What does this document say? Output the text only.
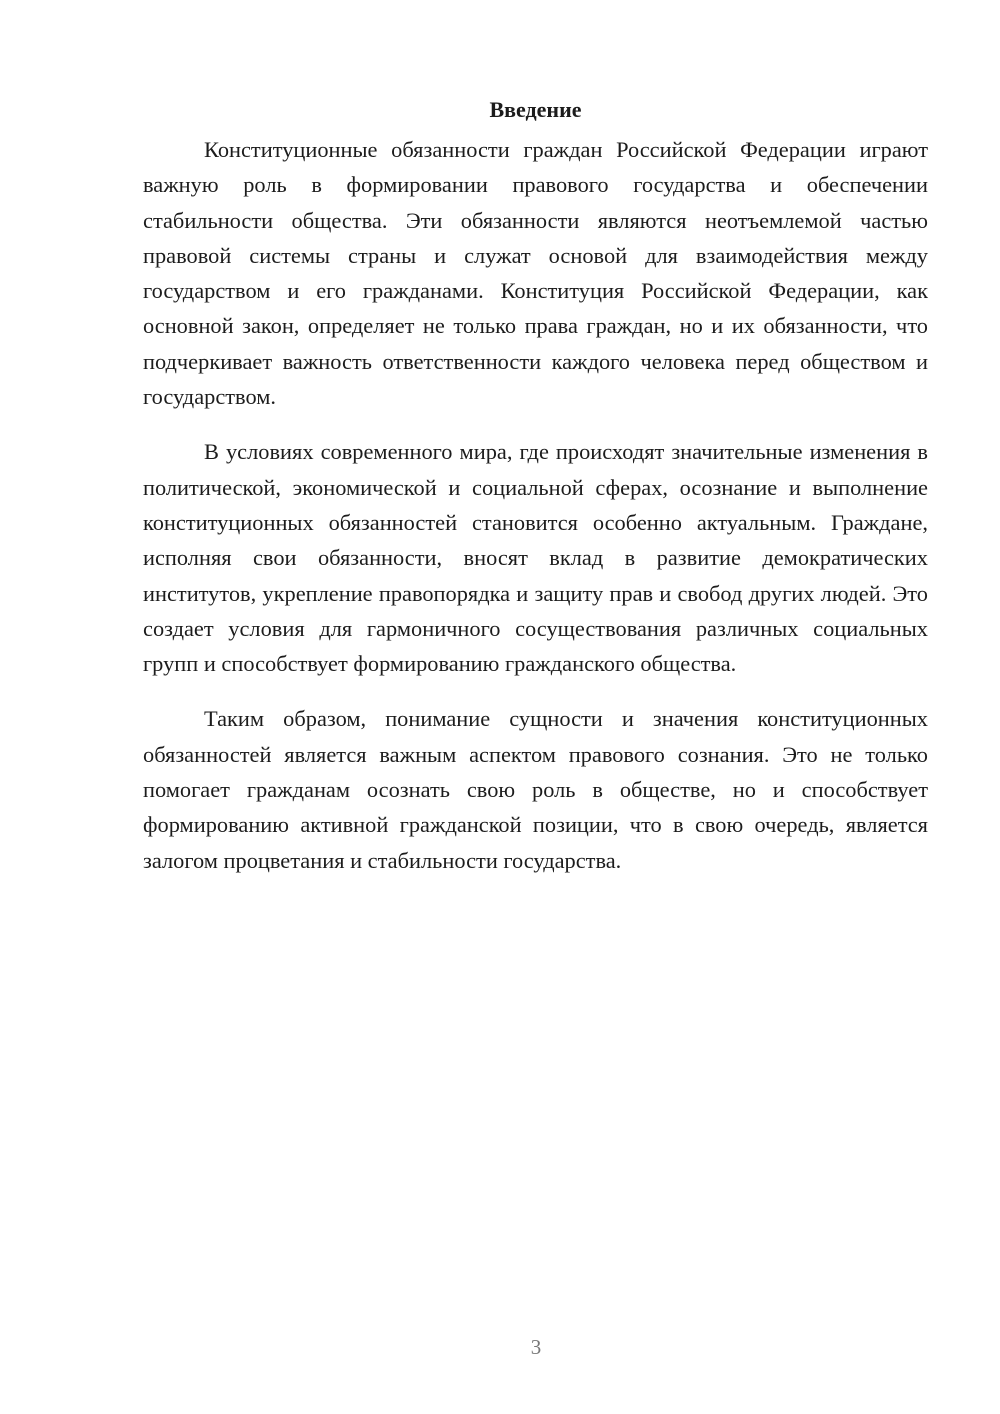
Введение

Конституционные обязанности граждан Российской Федерации играют важную роль в формировании правового государства и обеспечении стабильности общества. Эти обязанности являются неотъемлемой частью правовой системы страны и служат основой для взаимодействия между государством и его гражданами. Конституция Российской Федерации, как основной закон, определяет не только права граждан, но и их обязанности, что подчеркивает важность ответственности каждого человека перед обществом и государством.

В условиях современного мира, где происходят значительные изменения в политической, экономической и социальной сферах, осознание и выполнение конституционных обязанностей становится особенно актуальным. Граждане, исполняя свои обязанности, вносят вклад в развитие демократических институтов, укрепление правопорядка и защиту прав и свобод других людей. Это создает условия для гармоничного сосуществования различных социальных групп и способствует формированию гражданского общества.

Таким образом, понимание сущности и значения конституционных обязанностей является важным аспектом правового сознания. Это не только помогает гражданам осознать свою роль в обществе, но и способствует формированию активной гражданской позиции, что в свою очередь, является залогом процветания и стабильности государства.

3
